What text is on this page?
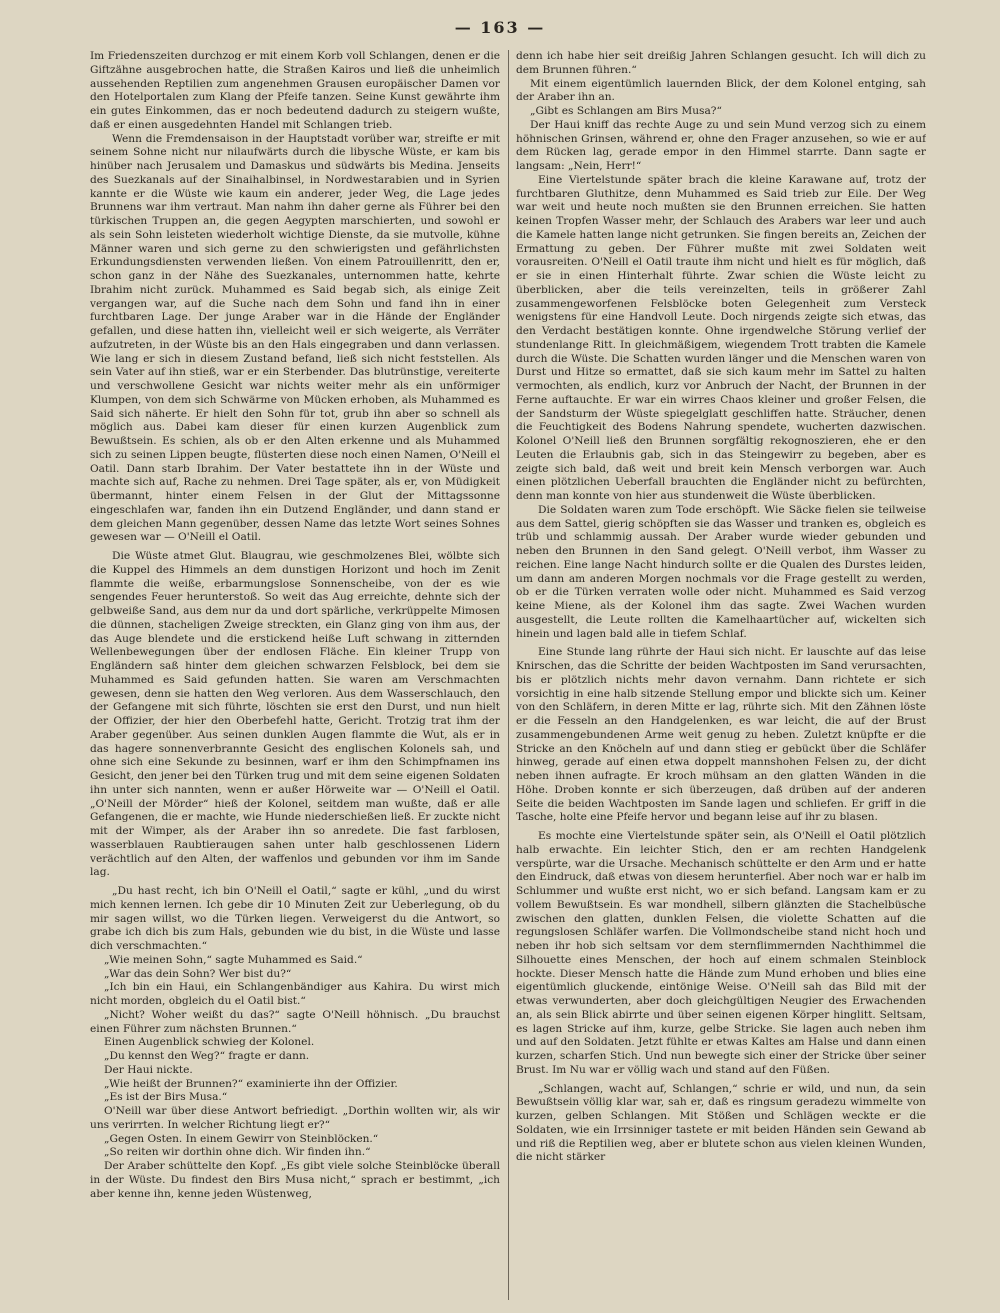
— 163 —

Im Friedenszeiten durchzog er mit einem Korb voll Schlangen, denen er die Giftzähne ausgebrochen hatte, die Straßen Kairos und ließ die unheimlich aussehenden Reptilien zum angenehmen Grausen europäischer Damen vor den Hotelportalen zum Klang der Pfeife tanzen. Seine Kunst gewährte ihm ein gutes Einkommen, das er noch bedeutend dadurch zu steigern wußte, daß er einen ausgedehnten Handel mit Schlangen trieb.

Wenn die Fremdensaison in der Hauptstadt vorüber war, streifte er mit seinem Sohne nicht nur nilaufwärts durch die libysche Wüste, er kam bis hinüber nach Jerusalem und Damaskus und südwärts bis Medina. Jenseits des Suezkanals auf der Sinaihalbinsel, in Nordwestarabien und in Syrien kannte er die Wüste wie kaum ein anderer, jeder Weg, die Lage jedes Brunnens war ihm vertraut. Man nahm ihn daher gerne als Führer bei den türkischen Truppen an, die gegen Aegypten marschierten, und sowohl er als sein Sohn leisteten wiederholt wichtige Dienste, da sie mutvolle, kühne Männer waren und sich gerne zu den schwierigsten und gefährlichsten Erkundungsdiensten verwenden ließen. Von einem Patrouillenritt, den er, schon ganz in der Nähe des Suezkanales, unternommen hatte, kehrte Ibrahim nicht zurück. Muhammed es Said begab sich, als einige Zeit vergangen war, auf die Suche nach dem Sohn und fand ihn in einer furchtbaren Lage. Der junge Araber war in die Hände der Engländer gefallen, und diese hatten ihn, vielleicht weil er sich weigerte, als Verräter aufzutreten, in der Wüste bis an den Hals eingegraben und dann verlassen. Wie lang er sich in diesem Zustand befand, ließ sich nicht feststellen. Als sein Vater auf ihn stieß, war er ein Sterbender. Das blutrünstige, vereiterte und verschwollene Gesicht war nichts weiter mehr als ein unförmiger Klumpen, von dem sich Schwärme von Mücken erhoben, als Muhammed es Said sich näherte. Er hielt den Sohn für tot, grub ihn aber so schnell als möglich aus. Dabei kam dieser für einen kurzen Augenblick zum Bewußtsein. Es schien, als ob er den Alten erkenne und als Muhammed sich zu seinen Lippen beugte, flüsterten diese noch einen Namen, O'Neill el Oatil. Dann starb Ibrahim. Der Vater bestattete ihn in der Wüste und machte sich auf, Rache zu nehmen. Drei Tage später, als er, von Müdigkeit übermannt, hinter einem Felsen in der Glut der Mittagssonne eingeschlafen war, fanden ihn ein Dutzend Engländer, und dann stand er dem gleichen Mann gegenüber, dessen Name das letzte Wort seines Sohnes gewesen war — O'Neill el Oatil.

Die Wüste atmet Glut. Blaugrau, wie geschmolzenes Blei, wölbte sich die Kuppel des Himmels an dem dunstigen Horizont und hoch im Zenit flammte die weiße, erbarmungslose Sonnenscheibe, von der es wie sengendes Feuer herunterstoß. So weit das Aug erreichte, dehnte sich der gelbweiße Sand, aus dem nur da und dort spärliche, verkrüppelte Mimosen die dünnen, stacheligen Zweige streckten, ein Glanz ging von ihm aus, der das Auge blendete und die erstickend heiße Luft schwang in zitternden Wellenbewegungen über der endlosen Fläche. Ein kleiner Trupp von Engländern saß hinter dem gleichen schwarzen Felsblock, bei dem sie Muhammed es Said gefunden hatten. Sie waren am Verschmachten gewesen, denn sie hatten den Weg verloren. Aus dem Wasserschlauch, den der Gefangene mit sich führte, löschten sie erst den Durst, und nun hielt der Offizier, der hier den Oberbefehl hatte, Gericht. Trotzig trat ihm der Araber gegenüber. Aus seinen dunklen Augen flammte die Wut, als er in das hagere sonnenverbrannte Gesicht des englischen Kolonels sah, und ohne sich eine Sekunde zu besinnen, warf er ihm den Schimpfnamen ins Gesicht, den jener bei den Türken trug und mit dem seine eigenen Soldaten ihn unter sich nannten, wenn er außer Hörweite war — O'Neill el Oatil. „O'Neill der Mörder“ hieß der Kolonel, seitdem man wußte, daß er alle Gefangenen, die er machte, wie Hunde niederschießen ließ. Er zuckte nicht mit der Wimper, als der Araber ihn so anredete. Die fast farblosen, wasserblauen Raubtieraugen sahen unter halb geschlossenen Lidern verächtlich auf den Alten, der waffenlos und gebunden vor ihm im Sande lag.

„Du hast recht, ich bin O'Neill el Oatil,“ sagte er kühl, „und du wirst mich kennen lernen. Ich gebe dir 10 Minuten Zeit zur Ueberlegung, ob du mir sagen willst, wo die Türken liegen. Verweigerst du die Antwort, so grabe ich dich bis zum Hals, gebunden wie du bist, in die Wüste und lasse dich verschmachten.“

„Wie meinen Sohn,“ sagte Muhammed es Said.“

„War das dein Sohn? Wer bist du?“

„Ich bin ein Haui, ein Schlangenbändiger aus Kahira. Du wirst mich nicht morden, obgleich du el Oatil bist.“

„Nicht? Woher weißt du das?“ sagte O'Neill höhnisch. „Du brauchst einen Führer zum nächsten Brunnen.“

Einen Augenblick schwieg der Kolonel.

„Du kennst den Weg?“ fragte er dann.

Der Haui nickte.

„Wie heißt der Brunnen?“ examinierte ihn der Offizier.

„Es ist der Birs Musa.“

O'Neill war über diese Antwort befriedigt. „Dorthin wollten wir, als wir uns verirrten. In welcher Richtung liegt er?“

„Gegen Osten. In einem Gewirr von Steinblöcken.“

„So reiten wir dorthin ohne dich. Wir finden ihn.“

Der Araber schüttelte den Kopf. „Es gibt viele solche Steinblöcke überall in der Wüste. Du findest den Birs Musa nicht,“ sprach er bestimmt, „ich aber kenne ihn, kenne jeden Wüstenweg,

denn ich habe hier seit dreißig Jahren Schlangen gesucht. Ich will dich zu dem Brunnen führen.“

Mit einem eigentümlich lauernden Blick, der dem Kolonel entging, sah der Araber ihn an.

„Gibt es Schlangen am Birs Musa?“

Der Haui kniff das rechte Auge zu und sein Mund verzog sich zu einem höhnischen Grinsen, während er, ohne den Frager anzusehen, so wie er auf dem Rücken lag, gerade empor in den Himmel starrte. Dann sagte er langsam: „Nein, Herr!“

Eine Viertelstunde später brach die kleine Karawane auf, trotz der furchtbaren Gluthitze, denn Muhammed es Said trieb zur Eile. Der Weg war weit und heute noch mußten sie den Brunnen erreichen. Sie hatten keinen Tropfen Wasser mehr, der Schlauch des Arabers war leer und auch die Kamele hatten lange nicht getrunken. Sie fingen bereits an, Zeichen der Ermattung zu geben. Der Führer mußte mit zwei Soldaten weit vorausreiten. O'Neill el Oatil traute ihm nicht und hielt es für möglich, daß er sie in einen Hinterhalt führte. Zwar schien die Wüste leicht zu überblicken, aber die teils vereinzelten, teils in größerer Zahl zusammengeworfenen Felsblöcke boten Gelegenheit zum Versteck wenigstens für eine Handvoll Leute. Doch nirgends zeigte sich etwas, das den Verdacht bestätigen konnte. Ohne irgendwelche Störung verlief der stundenlange Ritt. In gleichmäßigem, wiegendem Trott trabten die Kamele durch die Wüste. Die Schatten wurden länger und die Menschen waren von Durst und Hitze so ermattet, daß sie sich kaum mehr im Sattel zu halten vermochten, als endlich, kurz vor Anbruch der Nacht, der Brunnen in der Ferne auftauchte. Er war ein wirres Chaos kleiner und großer Felsen, die der Sandsturm der Wüste spiegelglatt geschliffen hatte. Sträucher, denen die Feuchtigkeit des Bodens Nahrung spendete, wucherten dazwischen. Kolonel O'Neill ließ den Brunnen sorgfältig rekognoszieren, ehe er den Leuten die Erlaubnis gab, sich in das Steingewirr zu begeben, aber es zeigte sich bald, daß weit und breit kein Mensch verborgen war. Auch einen plötzlichen Ueberfall brauchten die Engländer nicht zu befürchten, denn man konnte von hier aus stundenweit die Wüste überblicken.

Die Soldaten waren zum Tode erschöpft. Wie Säcke fielen sie teilweise aus dem Sattel, gierig schöpften sie das Wasser und tranken es, obgleich es trüb und schlammig aussah. Der Araber wurde wieder gebunden und neben den Brunnen in den Sand gelegt. O'Neill verbot, ihm Wasser zu reichen. Eine lange Nacht hindurch sollte er die Qualen des Durstes leiden, um dann am anderen Morgen nochmals vor die Frage gestellt zu werden, ob er die Türken verraten wolle oder nicht. Muhammed es Said verzog keine Miene, als der Kolonel ihm das sagte. Zwei Wachen wurden ausgestellt, die Leute rollten die Kamelhaartücher auf, wickelten sich hinein und lagen bald alle in tiefem Schlaf.

Eine Stunde lang rührte der Haui sich nicht. Er lauschte auf das leise Knirschen, das die Schritte der beiden Wachtposten im Sand verursachten, bis er plötzlich nichts mehr davon vernahm. Dann richtete er sich vorsichtig in eine halb sitzende Stellung empor und blickte sich um. Keiner von den Schläfern, in deren Mitte er lag, rührte sich. Mit den Zähnen löste er die Fesseln an den Handgelenken, es war leicht, die auf der Brust zusammengebundenen Arme weit genug zu heben. Zuletzt knüpfte er die Stricke an den Knöcheln auf und dann stieg er gebückt über die Schläfer hinweg, gerade auf einen etwa doppelt mannshohen Felsen zu, der dicht neben ihnen aufragte. Er kroch mühsam an den glatten Wänden in die Höhe. Droben konnte er sich überzeugen, daß drüben auf der anderen Seite die beiden Wachtposten im Sande lagen und schliefen. Er griff in die Tasche, holte eine Pfeife hervor und begann leise auf ihr zu blasen.

Es mochte eine Viertelstunde später sein, als O'Neill el Oatil plötzlich halb erwachte. Ein leichter Stich, den er am rechten Handgelenk verspürte, war die Ursache. Mechanisch schüttelte er den Arm und er hatte den Eindruck, daß etwas von diesem herunterfiel. Aber noch war er halb im Schlummer und wußte erst nicht, wo er sich befand. Langsam kam er zu vollem Bewußtsein. Es war mondhell, silbern glänzten die Stachelbüsche zwischen den glatten, dunklen Felsen, die violette Schatten auf die regungslosen Schläfer warfen. Die Vollmondscheibe stand nicht hoch und neben ihr hob sich seltsam vor dem sternflimmernden Nachthimmel die Silhouette eines Menschen, der hoch auf einem schmalen Steinblock hockte. Dieser Mensch hatte die Hände zum Mund erhoben und blies eine eigentümlich gluckende, eintönige Weise. O'Neill sah das Bild mit der etwas verwunderten, aber doch gleichgültigen Neugier des Erwachenden an, als sein Blick abirrte und über seinen eigenen Körper hinglitt. Seltsam, es lagen Stricke auf ihm, kurze, gelbe Stricke. Sie lagen auch neben ihm und auf den Soldaten. Jetzt fühlte er etwas Kaltes am Halse und dann einen kurzen, scharfen Stich. Und nun bewegte sich einer der Stricke über seiner Brust. Im Nu war er völlig wach und stand auf den Füßen.

„Schlangen, wacht auf, Schlangen,“ schrie er wild, und nun, da sein Bewußtsein völlig klar war, sah er, daß es ringsum geradezu wimmelte von kurzen, gelben Schlangen. Mit Stößen und Schlägen weckte er die Soldaten, wie ein Irrsinniger tastete er mit beiden Händen sein Gewand ab und riß die Reptilien weg, aber er blutete schon aus vielen kleinen Wunden, die nicht stärker
